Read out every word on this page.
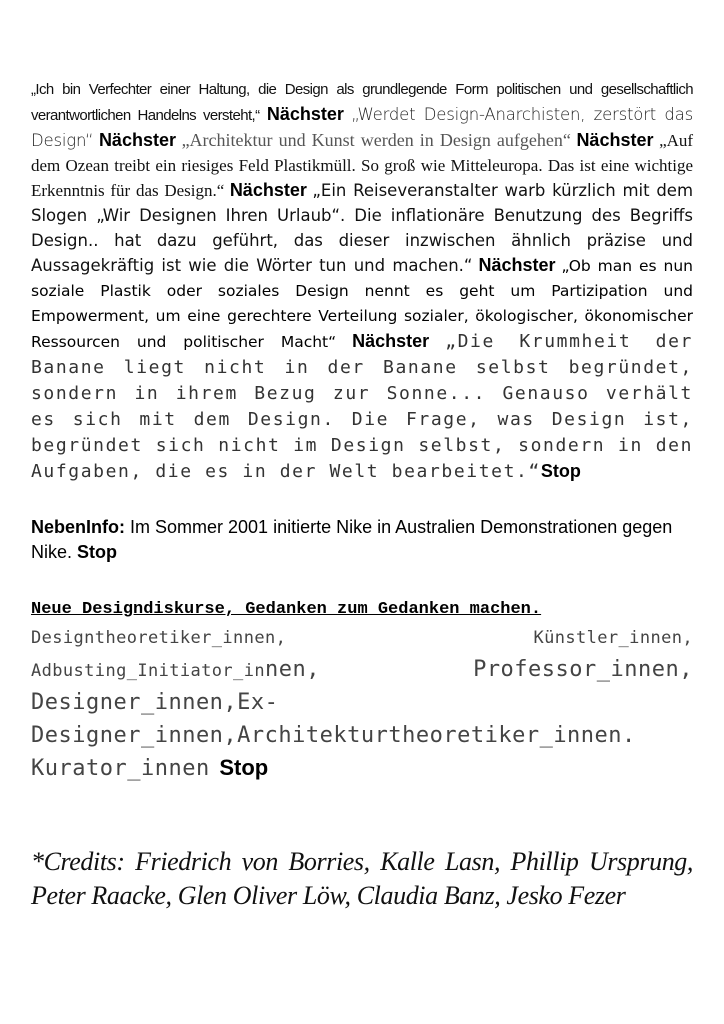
„Ich bin Verfechter einer Haltung, die Design als grundlegende Form politischen und gesellschaftlich verantwortlichen Handelns versteht,“ Nächster „Werdet Design-Anarchisten, zerstört das Design“ Nächster „Architektur und Kunst werden in Design aufgehen“ Nächster „Auf dem Ozean treibt ein riesiges Feld Plastikmüll. So groß wie Mitteleuropa. Das ist eine wichtige Erkenntnis für das Design.“ Nächster „Ein Reiseveranstalter warb kürzlich mit dem Slogen „Wir Designen Ihren Urlaub“. Die inflationäre Benutzung des Begriffs Design.. hat dazu geführt, das dieser inzwischen ähnlich präzise und Aussagekräftig ist wie die Wörter tun und machen.“ Nächster „Ob man es nun soziale Plastik oder soziales Design nennt es geht um Partizipation und Empowerment, um eine gerechtere Verteilung sozialer, ökologischer, ökonomischer Ressourcen und politischer Macht“ Nächster „Die Krummheit der Banane liegt nicht in der Banane selbst begründet, sondern in ihrem Bezug zur Sonne... Genauso verhält es sich mit dem Design. Die Frage, was Design ist, begründet sich nicht im Design selbst, sondern in den Aufgaben, die es in der Welt bearbeitet.“Stop

NebenInfo: Im Sommer 2001 initierte Nike in Australien Demonstrationen gegen Nike. Stop

Neue Designdiskurse, Gedanken zum Gedanken machen.
Designtheoretiker_innen, Künstler_innen, Adbusting_Initiator_innen, Professor_innen, Designer_innen,Ex-Designer_innen,Architekturtheoretiker_innen. Kurator_innen Stop

*Credits: Friedrich von Borries, Kalle Lasn, Phillip Ursprung, Peter Raacke, Glen Oliver Löw, Claudia Banz, Jesko Fezer
